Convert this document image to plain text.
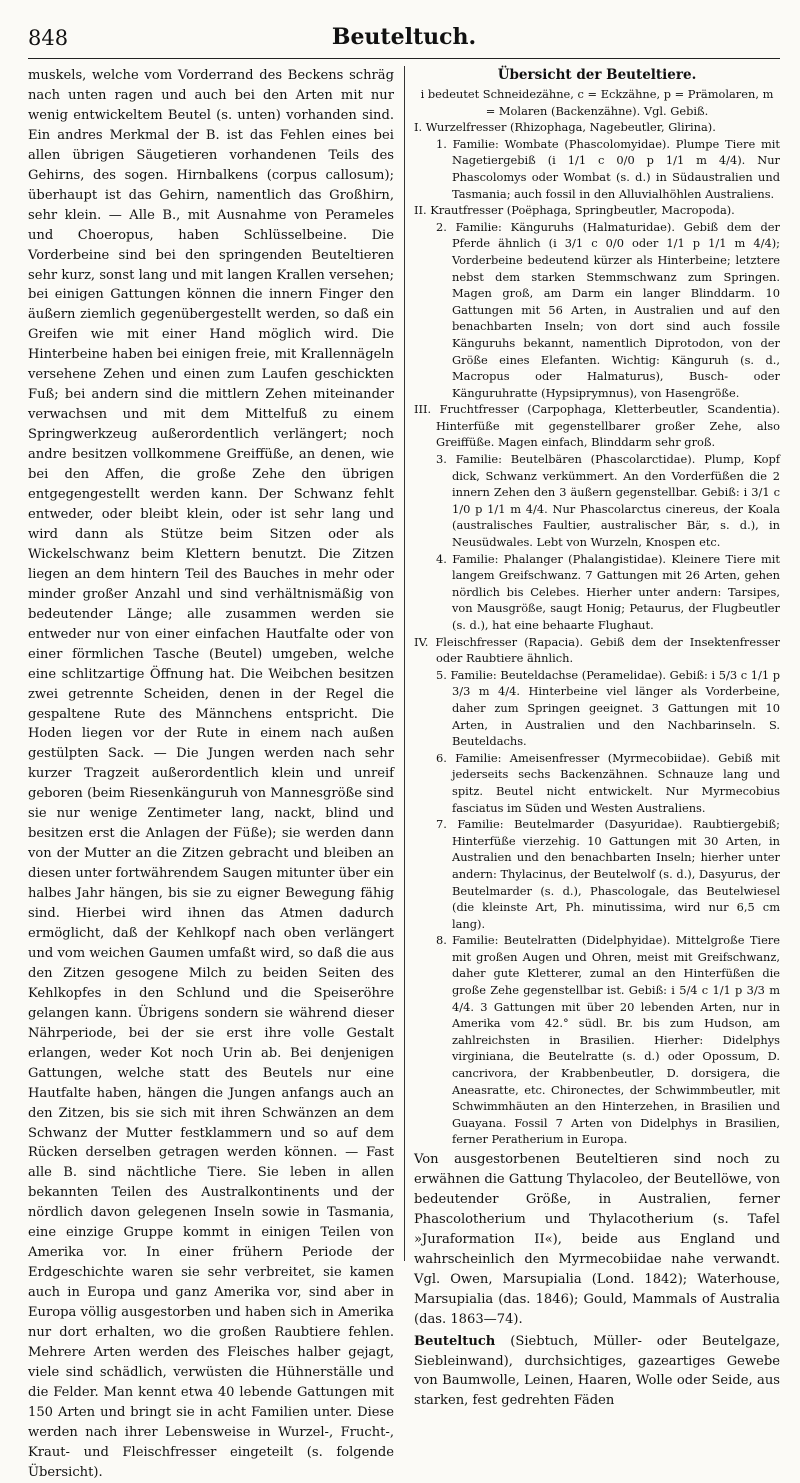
848	Beuteltuch.

muskels, welche vom Vorderrand des Beckens schräg nach unten ragen und auch bei den Arten mit nur wenig entwickeltem Beutel (s. unten) vorhanden sind. Ein andres Merkmal der B. ist das Fehlen eines bei allen übrigen Säugetieren vorhandenen Teils des Gehirns, des sogen. Hirnbalkens (corpus callosum); überhaupt ist das Gehirn, namentlich das Großhirn, sehr klein. — Alle B., mit Ausnahme von Perameles und Choeropus, haben Schlüsselbeine. Die Vorderbeine sind bei den springenden Beuteltieren sehr kurz, sonst lang und mit langen Krallen versehen; bei einigen Gattungen können die innern Finger den äußern ziemlich gegenübergestellt werden, so daß ein Greifen wie mit einer Hand möglich wird. Die Hinterbeine haben bei einigen freie, mit Krallennägeln versehene Zehen und einen zum Laufen geschickten Fuß; bei andern sind die mittlern Zehen miteinander verwachsen und mit dem Mittelfuß zu einem Springwerkzeug außerordentlich verlängert; noch andre besitzen vollkommene Greiffüße, an denen, wie bei den Affen, die große Zehe den übrigen entgegengestellt werden kann. Der Schwanz fehlt entweder, oder bleibt klein, oder ist sehr lang und wird dann als Stütze beim Sitzen oder als Wickelschwanz beim Klettern benutzt. Die Zitzen liegen an dem hintern Teil des Bauches in mehr oder minder großer Anzahl und sind verhältnismäßig von bedeutender Länge; alle zusammen werden sie entweder nur von einer einfachen Hautfalte oder von einer förmlichen Tasche (Beutel) umgeben, welche eine schlitzartige Öffnung hat. Die Weibchen besitzen zwei getrennte Scheiden, denen in der Regel die gespaltene Rute des Männchens entspricht. Die Hoden liegen vor der Rute in einem nach außen gestülpten Sack. — Die Jungen werden nach sehr kurzer Tragzeit außerordentlich klein und unreif geboren (beim Riesenkänguruh von Mannesgröße sind sie nur wenige Zentimeter lang, nackt, blind und besitzen erst die Anlagen der Füße); sie werden dann von der Mutter an die Zitzen gebracht und bleiben an diesen unter fortwährendem Saugen mitunter über ein halbes Jahr hängen, bis sie zu eigner Bewegung fähig sind. Hierbei wird ihnen das Atmen dadurch ermöglicht, daß der Kehlkopf nach oben verlängert und vom weichen Gaumen umfaßt wird, so daß die aus den Zitzen gesogene Milch zu beiden Seiten des Kehlkopfes in den Schlund und die Speiseröhre gelangen kann. Übrigens sondern sie während dieser Nährperiode, bei der sie erst ihre volle Gestalt erlangen, weder Kot noch Urin ab. Bei denjenigen Gattungen, welche statt des Beutels nur eine Hautfalte haben, hängen die Jungen anfangs auch an den Zitzen, bis sie sich mit ihren Schwänzen an dem Schwanz der Mutter festklammern und so auf dem Rücken derselben getragen werden können. — Fast alle B. sind nächtliche Tiere. Sie leben in allen bekannten Teilen des Australkontinents und der nördlich davon gelegenen Inseln sowie in Tasmania, eine einzige Gruppe kommt in einigen Teilen von Amerika vor. In einer frühern Periode der Erdgeschichte waren sie sehr verbreitet, sie kamen auch in Europa und ganz Amerika vor, sind aber in Europa völlig ausgestorben und haben sich in Amerika nur dort erhalten, wo die großen Raubtiere fehlen. Mehrere Arten werden des Fleisches halber gejagt, viele sind schädlich, verwüsten die Hühnerställe und die Felder. Man kennt etwa 40 lebende Gattungen mit 150 Arten und bringt sie in acht Familien unter. Diese werden nach ihrer Lebensweise in Wurzel-, Frucht-, Kraut- und Fleischfresser eingeteilt (s. folgende Übersicht).

Übersicht der Beuteltiere.

i bedeutet Schneidezähne, c = Eckzähne, p = Prämolaren, m

= Molaren (Backenzähne). Vgl. Gebiß.

I. Wurzelfresser (Rhizophaga, Nagebeutler, Glirina).

1. Familie: Wombate (Phascolomyidae). Plumpe Tiere mit Nagetiergebiß (i 1/1 c 0/0 p 1/1 m 4/4). Nur Phascolomys oder Wombat (s. d.) in Südaustralien und Tasmania; auch fossil in den Alluvialhöhlen Australiens.

II. Krautfresser (Poëphaga, Springbeutler, Macropoda).

2. Familie: Känguruhs (Halmaturidae). Gebiß dem der Pferde ähnlich (i 3/1 c 0/0 oder 1/1 p 1/1 m 4/4); Vorderbeine bedeutend kürzer als Hinterbeine; letztere nebst dem starken Stemmschwanz zum Springen. Magen groß, am Darm ein langer Blinddarm. 10 Gattungen mit 56 Arten, in Australien und auf den benachbarten Inseln; von dort sind auch fossile Känguruhs bekannt, namentlich Diprotodon, von der Größe eines Elefanten. Wichtig: Känguruh (s. d., Macropus oder Halmaturus), Busch- oder Känguruhratte (Hypsiprymnus), von Hasengröße.

III. Fruchtfresser (Carpophaga, Kletterbeutler, Scandentia). Hinterfüße mit gegenstellbarer großer Zehe, also Greiffüße. Magen einfach, Blinddarm sehr groß.

3. Familie: Beutelbären (Phascolarctidae). Plump, Kopf dick, Schwanz verkümmert. An den Vorderfüßen die 2 innern Zehen den 3 äußern gegenstellbar. Gebiß: i 3/1 c 1/0 p 1/1 m 4/4. Nur Phascolarctus cinereus, der Koala (australisches Faultier, australischer Bär, s. d.), in Neusüdwales. Lebt von Wurzeln, Knospen etc.

4. Familie: Phalanger (Phalangistidae). Kleinere Tiere mit langem Greifschwanz. 7 Gattungen mit 26 Arten, gehen nördlich bis Celebes. Hierher unter andern: Tarsipes, von Mausgröße, saugt Honig; Petaurus, der Flugbeutler (s. d.), hat eine behaarte Flughaut.

IV. Fleischfresser (Rapacia). Gebiß dem der Insektenfresser oder Raubtiere ähnlich.

5. Familie: Beuteldachse (Peramelidae). Gebiß: i 5/3 c 1/1 p 3/3 m 4/4. Hinterbeine viel länger als Vorderbeine, daher zum Springen geeignet. 3 Gattungen mit 10 Arten, in Australien und den Nachbarinseln. S. Beuteldachs.

6. Familie: Ameisenfresser (Myrmecobiidae). Gebiß mit jederseits sechs Backenzähnen. Schnauze lang und spitz. Beutel nicht entwickelt. Nur Myrmecobius fasciatus im Süden und Westen Australiens.

7. Familie: Beutelmarder (Dasyuridae). Raubtiergebiß; Hinterfüße vierzehig. 10 Gattungen mit 30 Arten, in Australien und den benachbarten Inseln; hierher unter andern: Thylacinus, der Beutelwolf (s. d.), Dasyurus, der Beutelmarder (s. d.), Phascologale, das Beutelwiesel (die kleinste Art, Ph. minutissima, wird nur 6,5 cm lang).

8. Familie: Beutelratten (Didelphyidae). Mittelgroße Tiere mit großen Augen und Ohren, meist mit Greifschwanz, daher gute Kletterer, zumal an den Hinterfüßen die große Zehe gegenstellbar ist. Gebiß: i 5/4 c 1/1 p 3/3 m 4/4. 3 Gattungen mit über 20 lebenden Arten, nur in Amerika vom 42.° südl. Br. bis zum Hudson, am zahlreichsten in Brasilien. Hierher: Didelphys virginiana, die Beutelratte (s. d.) oder Opossum, D. cancrivora, der Krabbenbeutler, D. dorsigera, die Aneasratte, etc. Chironectes, der Schwimmbeutler, mit Schwimmhäuten an den Hinterzehen, in Brasilien und Guayana. Fossil 7 Arten von Didelphys in Brasilien, ferner Peratherium in Europa.

Von ausgestorbenen Beuteltieren sind noch zu erwähnen die Gattung Thylacoleo, der Beutellöwe, von bedeutender Größe, in Australien, ferner Phascolotherium und Thylacotherium (s. Tafel »Juraformation II«), beide aus England und wahrscheinlich den Myrmecobiidae nahe verwandt. Vgl. Owen, Marsupialia (Lond. 1842); Waterhouse, Marsupialia (das. 1846); Gould, Mammals of Australia (das. 1863—74).

Beuteltuch (Siebtuch, Müller- oder Beutelgaze, Siebleinwand), durchsichtiges, gazeartiges Gewebe von Baumwolle, Leinen, Haaren, Wolle oder Seide, aus starken, fest gedrehten Fäden
